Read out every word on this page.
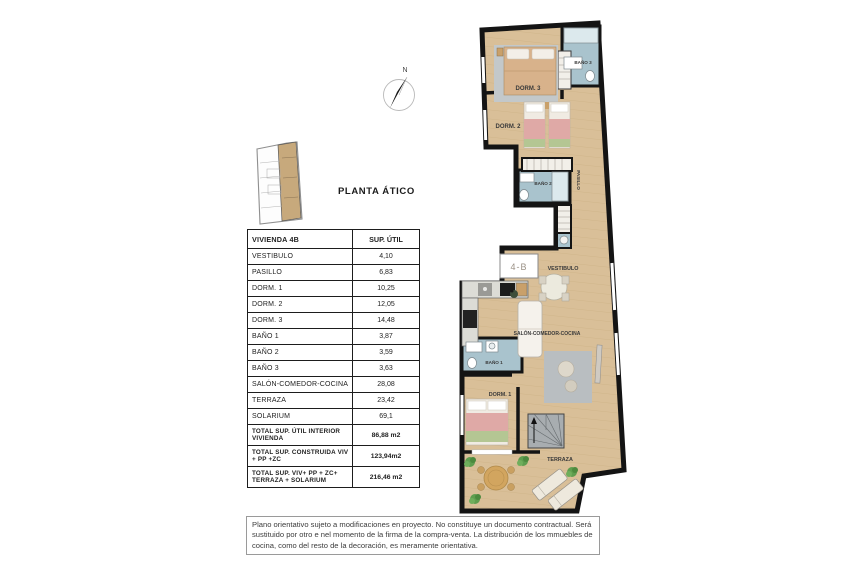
PLANTA ÁTICO
N
VIVIENDA 4B	SUP. ÚTIL
VESTIBULO	4,10
PASILLO	6,83
DORM. 1	10,25
DORM. 2	12,05
DORM. 3	14,48
BAÑO 1	3,87
BAÑO 2	3,59
BAÑO 3	3,63
SALÓN-COMEDOR-COCINA	28,08
TERRAZA	23,42
SOLARIUM	69,1
TOTAL SUP. ÚTIL INTERIOR VIVIENDA	86,88 m2
TOTAL SUP. CONSTRUIDA VIV + PP +ZC	123,94m2
TOTAL SUP. VIV+ PP + ZC+ TERRAZA + SOLARIUM	216,46 m2
4-B
DORM. 3
BAÑO 3
DORM. 2
BAÑO 2	PASILLO
VESTIBULO
SALÓN-COMEDOR-COCINA
BAÑO 1
DORM. 1
TERRAZA
Plano orientativo sujeto a modificaciones en proyecto. No constituye un documento contractual. Será sustituido por otro e nel momento de la firma de la compra-venta. La distribución de los mmuebles de cocina, como del resto de la decoración, es meramente orientativa.
